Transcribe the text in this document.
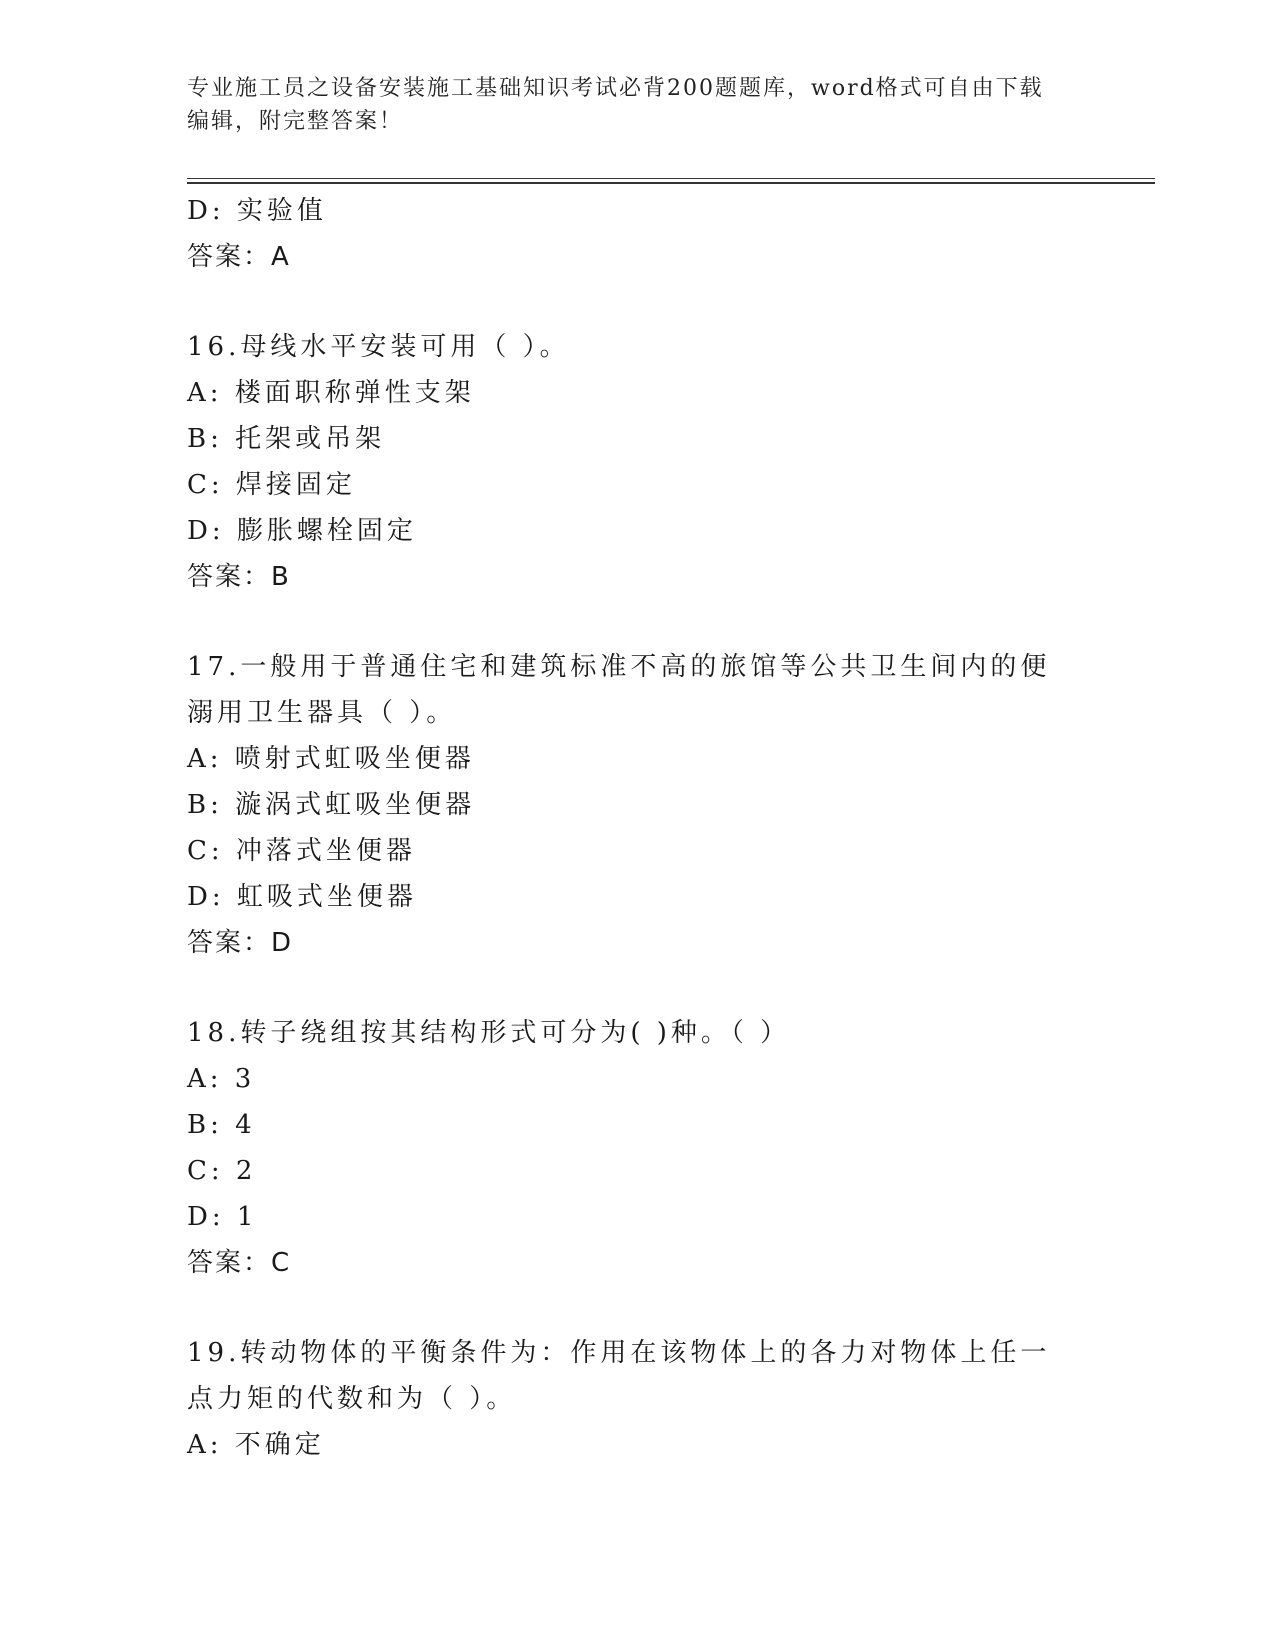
专业施工员之设备安装施工基础知识考试必背200题题库，word格式可自由下载编辑，附完整答案！
D: 实验值
答案：A
16.母线水平安装可用（ ）。
A: 楼面职称弹性支架
B: 托架或吊架
C: 焊接固定
D: 膨胀螺栓固定
答案：B
17.一般用于普通住宅和建筑标准不高的旅馆等公共卫生间内的便溺用卫生器具（ ）。
A: 喷射式虹吸坐便器
B: 漩涡式虹吸坐便器
C: 冲落式坐便器
D: 虹吸式坐便器
答案：D
18.转子绕组按其结构形式可分为( )种。（ ）
A: 3
B: 4
C: 2
D: 1
答案：C
19.转动物体的平衡条件为：作用在该物体上的各力对物体上任一点力矩的代数和为（ ）。
A: 不确定
